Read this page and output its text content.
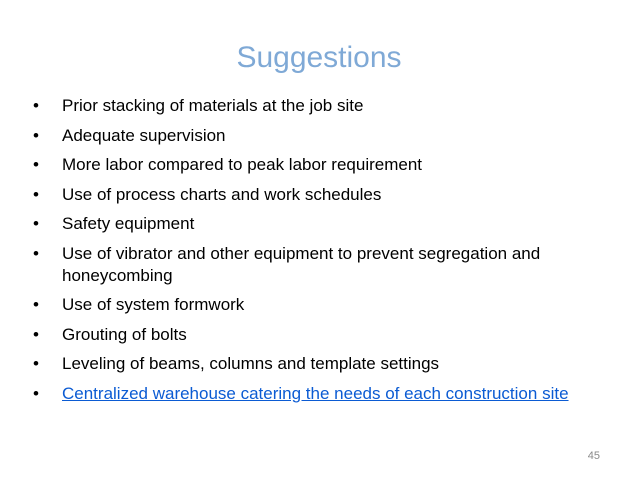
Suggestions
• Prior stacking of materials at the job site
• Adequate supervision
• More labor compared to peak labor requirement
• Use of process charts and work schedules
• Safety equipment
• Use of vibrator and other equipment to prevent segregation and honeycombing
• Use of system formwork
• Grouting of bolts
• Leveling of beams, columns and template settings
• Centralized warehouse catering the needs of each construction site
45
